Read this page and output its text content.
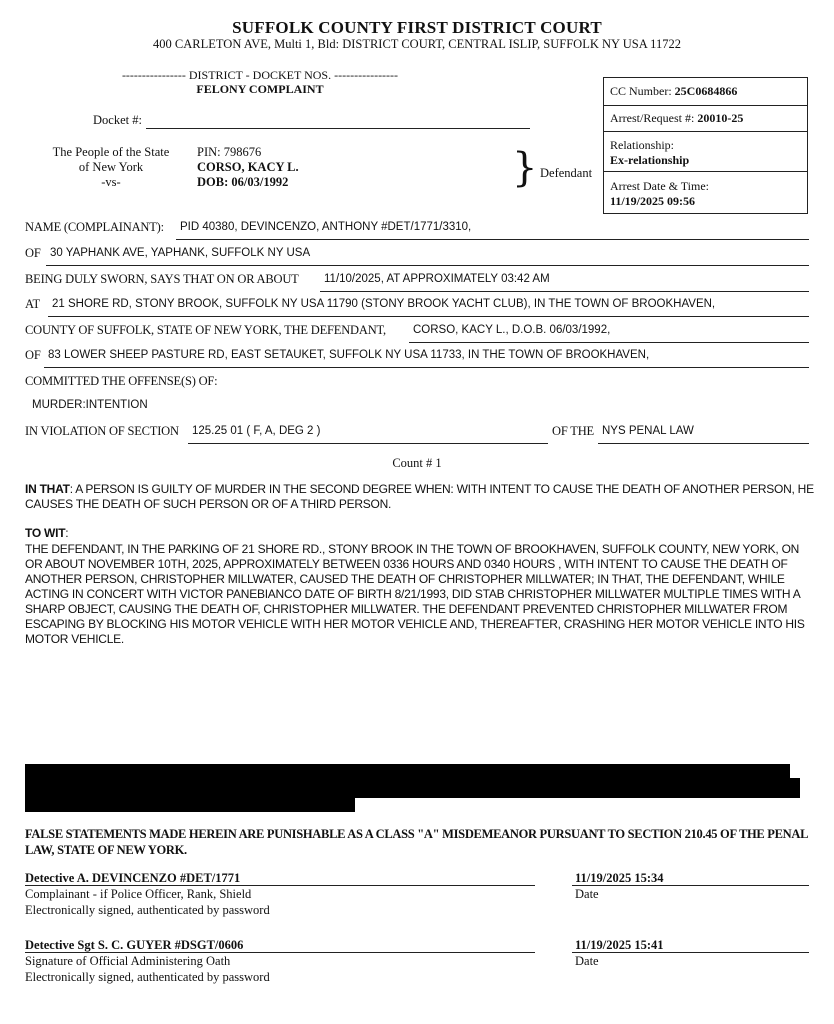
SUFFOLK COUNTY FIRST DISTRICT COURT
400 CARLETON AVE, Multi 1, Bld: DISTRICT COURT, CENTRAL ISLIP, SUFFOLK NY USA 11722
---------------- DISTRICT - DOCKET NOS. ----------------
FELONY COMPLAINT	CC Number: 25C0684866
Arrest/Request #: 20010-25
Relationship:
Ex-relationship
Arrest Date & Time:
11/19/2025 09:56
Docket #:
The People of the State
of New York
-vs-
PIN: 798676
CORSO, KACY L.
DOB: 06/03/1992	} Defendant
NAME (COMPLAINANT): PID 40380, DEVINCENZO, ANTHONY #DET/1771/3310,
OF 30 YAPHANK AVE, YAPHANK, SUFFOLK NY USA
BEING DULY SWORN, SAYS THAT ON OR ABOUT 11/10/2025, AT APPROXIMATELY 03:42 AM
AT 21 SHORE RD, STONY BROOK, SUFFOLK NY USA 11790 (STONY BROOK YACHT CLUB), IN THE TOWN OF BROOKHAVEN,
COUNTY OF SUFFOLK, STATE OF NEW YORK, THE DEFENDANT, CORSO, KACY L., D.O.B. 06/03/1992,
OF 83 LOWER SHEEP PASTURE RD, EAST SETAUKET, SUFFOLK NY USA 11733, IN THE TOWN OF BROOKHAVEN,
COMMITTED THE OFFENSE(S) OF:
MURDER:INTENTION
IN VIOLATION OF SECTION 125.25 01 ( F, A, DEG 2 )	OF THE NYS PENAL LAW
Count # 1
IN THAT: A PERSON IS GUILTY OF MURDER IN THE SECOND DEGREE WHEN: WITH INTENT TO CAUSE THE DEATH OF ANOTHER PERSON, HE CAUSES THE DEATH OF SUCH PERSON OR OF A THIRD PERSON.
TO WIT:
THE DEFENDANT, IN THE PARKING OF 21 SHORE RD., STONY BROOK IN THE TOWN OF BROOKHAVEN, SUFFOLK COUNTY, NEW YORK, ON OR ABOUT NOVEMBER 10TH, 2025, APPROXIMATELY BETWEEN 0336 HOURS AND 0340 HOURS , WITH INTENT TO CAUSE THE DEATH OF ANOTHER PERSON, CHRISTOPHER MILLWATER, CAUSED THE DEATH OF CHRISTOPHER MILLWATER; IN THAT, THE DEFENDANT, WHILE ACTING IN CONCERT WITH VICTOR PANEBIANCO DATE OF BIRTH 8/21/1993, DID STAB CHRISTOPHER MILLWATER MULTIPLE TIMES WITH A SHARP OBJECT, CAUSING THE DEATH OF, CHRISTOPHER MILLWATER. THE DEFENDANT PREVENTED CHRISTOPHER MILLWATER FROM ESCAPING BY BLOCKING HIS MOTOR VEHICLE WITH HER MOTOR VEHICLE AND, THEREAFTER, CRASHING HER MOTOR VEHICLE INTO HIS MOTOR VEHICLE.
FALSE STATEMENTS MADE HEREIN ARE PUNISHABLE AS A CLASS "A" MISDEMEANOR PURSUANT TO SECTION 210.45 OF THE PENAL LAW, STATE OF NEW YORK.
Detective A. DEVINCENZO #DET/1771	11/19/2025 15:34
Complainant - if Police Officer, Rank, Shield	Date
Electronically signed, authenticated by password
Detective Sgt S. C. GUYER #DSGT/0606	11/19/2025 15:41
Signature of Official Administering Oath	Date
Electronically signed, authenticated by password
